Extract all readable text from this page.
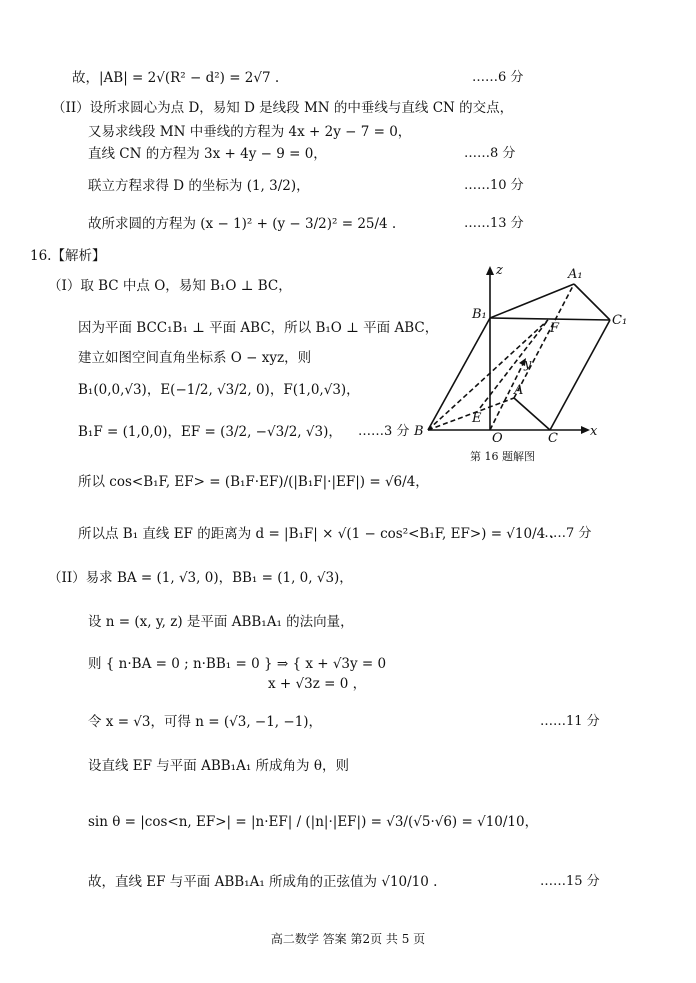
故，|AB| = 2√(R² − d²) = 2√7 .	……6 分
（II）设所求圆心为点 D，易知 D 是线段 MN 的中垂线与直线 CN 的交点，
又易求线段 MN 中垂线的方程为 4x + 2y − 7 = 0，
直线 CN 的方程为 3x + 4y − 9 = 0，	……8 分
联立方程求得 D 的坐标为 (1, 3/2)，	……10 分
故所求圆的方程为 (x − 1)² + (y − 3/2)² = 25/4 .	……13 分
16.【解析】
（I）取 BC 中点 O，易知 B₁O ⊥ BC，
因为平面 BCC₁B₁ ⊥ 平面 ABC，所以 B₁O ⊥ 平面 ABC，
建立如图空间直角坐标系 O − xyz，则
B₁(0,0,√3)，E(−1/2, √3/2, 0)，F(1,0,√3)，
B₁F = (1,0,0)，EF = (3/2, −√3/2, √3)， ……3 分
所以 cos<B₁F, EF> = (B₁F·EF)/(|B₁F|·|EF|) = √6/4，
所以点 B₁ 直线 EF 的距离为 d = |B₁F| × √(1 − cos²<B₁F, EF>) = √10/4 .
……7 分
（II）易求 BA = (1, √3, 0)，BB₁ = (1, 0, √3)，
设 n = (x, y, z) 是平面 ABB₁A₁ 的法向量，
则 { n·BA = 0 ; n·BB₁ = 0 } ⇒ { x + √3y = 0
x + √3z = 0 ，
令 x = √3，可得 n = (√3, −1, −1)，	……11 分
设直线 EF 与平面 ABB₁A₁ 所成角为 θ，则
sin θ = |cos<n, EF>| = |n·EF| / (|n|·|EF|) = √3/(√5·√6) = √10/10，
故，直线 EF 与平面 ABB₁A₁ 所成角的正弦值为 √10/10 .	……15 分
z	A₁
B₁	C₁
F
y
A
E
B	O	C x
第 16 题解图
高二数学 答案 第2页 共 5 页
